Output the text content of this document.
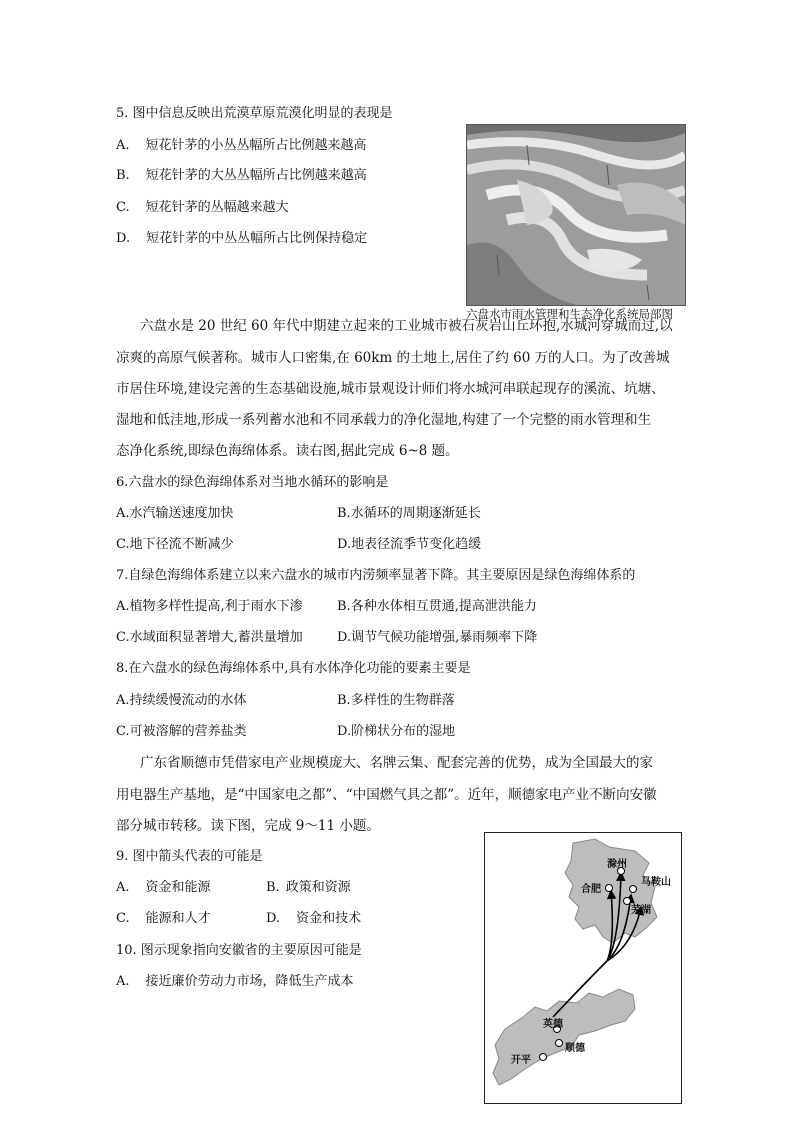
5. 图中信息反映出荒漠草原荒漠化明显的表现是
A. 短花针茅的小丛丛幅所占比例越来越高
B. 短花针茅的大丛丛幅所占比例越来越高
C. 短花针茅的丛幅越来越大
D. 短花针茅的中丛丛幅所占比例保持稳定
六盘水市雨水管理和生态净化系统局部图
六盘水是 20 世纪 60 年代中期建立起来的工业城市被石灰岩山丘环抱,水城河穿城而过,以
凉爽的高原气候著称。城市人口密集,在 60km 的土地上,居住了约 60 万的人口。为了改善城
市居住环境,建设完善的生态基础设施,城市景观设计师们将水城河串联起现存的溪流、坑塘、
湿地和低洼地,形成一系列蓄水池和不同承载力的净化湿地,构建了一个完整的雨水管理和生
态净化系统,即绿色海绵体系。读右图,据此完成 6~8 题。
6.六盘水的绿色海绵体系对当地水循环的影响是
A.水汽输送速度加快	B.水循环的周期逐渐延长
C.地下径流不断减少	D.地表径流季节变化趋缓
7.自绿色海绵体系建立以来六盘水的城市内涝频率显著下降。其主要原因是绿色海绵体系的
A.植物多样性提高,利于雨水下渗	B.各种水体相互贯通,提高泄洪能力
C.水域面积显著增大,蓄洪量增加	D.调节气候功能增强,暴雨频率下降
8.在六盘水的绿色海绵体系中,具有水体净化功能的要素主要是
A.持续缓慢流动的水体	B.多样性的生物群落
C.可被溶解的营养盐类	D.阶梯状分布的湿地
广东省顺德市凭借家电产业规模庞大、名牌云集、配套完善的优势，成为全国最大的家
用电器生产基地，是“中国家电之都”、“中国燃气具之都”。近年，顺德家电产业不断向安徽
部分城市转移。读下图，完成 9～11 小题。
9. 图中箭头代表的可能是
A. 资金和能源	B. 政策和资源
C. 能源和人才	D. 资金和技术
10. 图示现象指向安徽省的主要原因可能是
A. 接近廉价劳动力市场，降低生产成本
滁州
合肥
马鞍山
芜湖
英德
顺德
开平
